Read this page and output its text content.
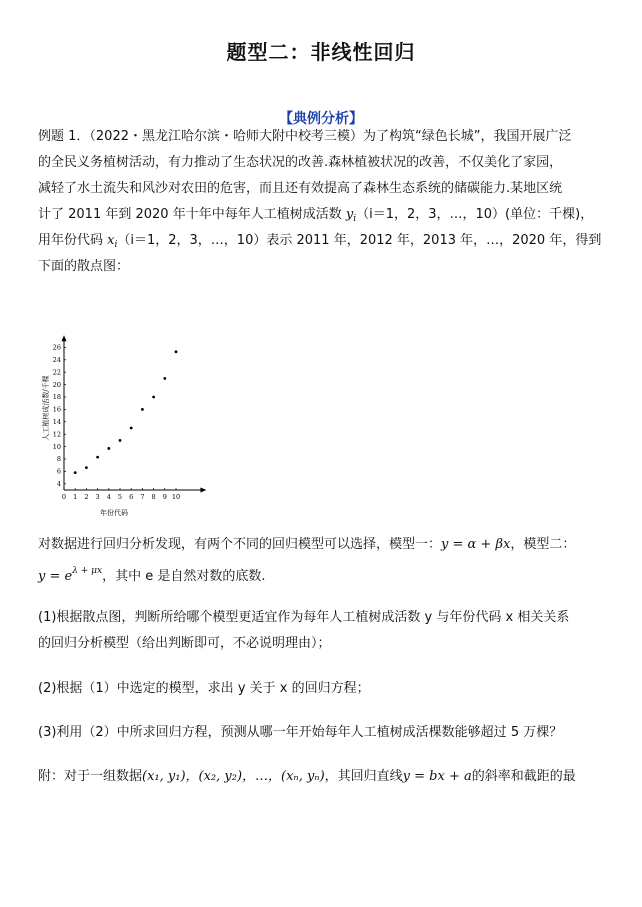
题型二：非线性回归
【典例分析】
例题 1．（2022・黑龙江哈尔滨・哈师大附中校考三模）为了构筑“绿色长城”，我国开展广泛
的全民义务植树活动，有力推动了生态状况的改善.森林植被状况的改善，不仅美化了家园，
减轻了水土流失和风沙对农田的危害，而且还有效提高了森林生态系统的储碳能力.某地区统
计了 2011 年到 2020 年十年中每年人工植树成活数 $y_i(i=1$，2，3，…，10）(单位：千棵)，
用年份代码 $x_i(i=1$，2，3，…，10）表示 2011 年，2012 年，2013 年，…，2020 年，得到
下面的散点图：
0 1 2 3 4 5 6 7 8 9 10
4
6
8
10
12
14
16
18
20
22
24
26
年份代码
人工植树成活数/千棵
对数据进行回归分析发现，有两个不同的回归模型可以选择，模型一：y = α + βx，模型二：
$y = e^{\lambda + \mu x}$，其中 e 是自然对数的底数.
(1)根据散点图，判断所给哪个模型更适宜作为每年人工植树成活数 y 与年份代码 x 相关关系
的回归分析模型（给出判断即可，不必说明理由）；
(2)根据（1）中选定的模型，求出 y 关于 x 的回归方程；
(3)利用（2）中所求回归方程，预测从哪一年开始每年人工植树成活棵数能够超过 5 万棵？
附：对于一组数据(x₁, y₁)，(x₂, y₂)，…，(xₙ, yₙ)，其回归直线y = bx + a的斜率和截距的最
